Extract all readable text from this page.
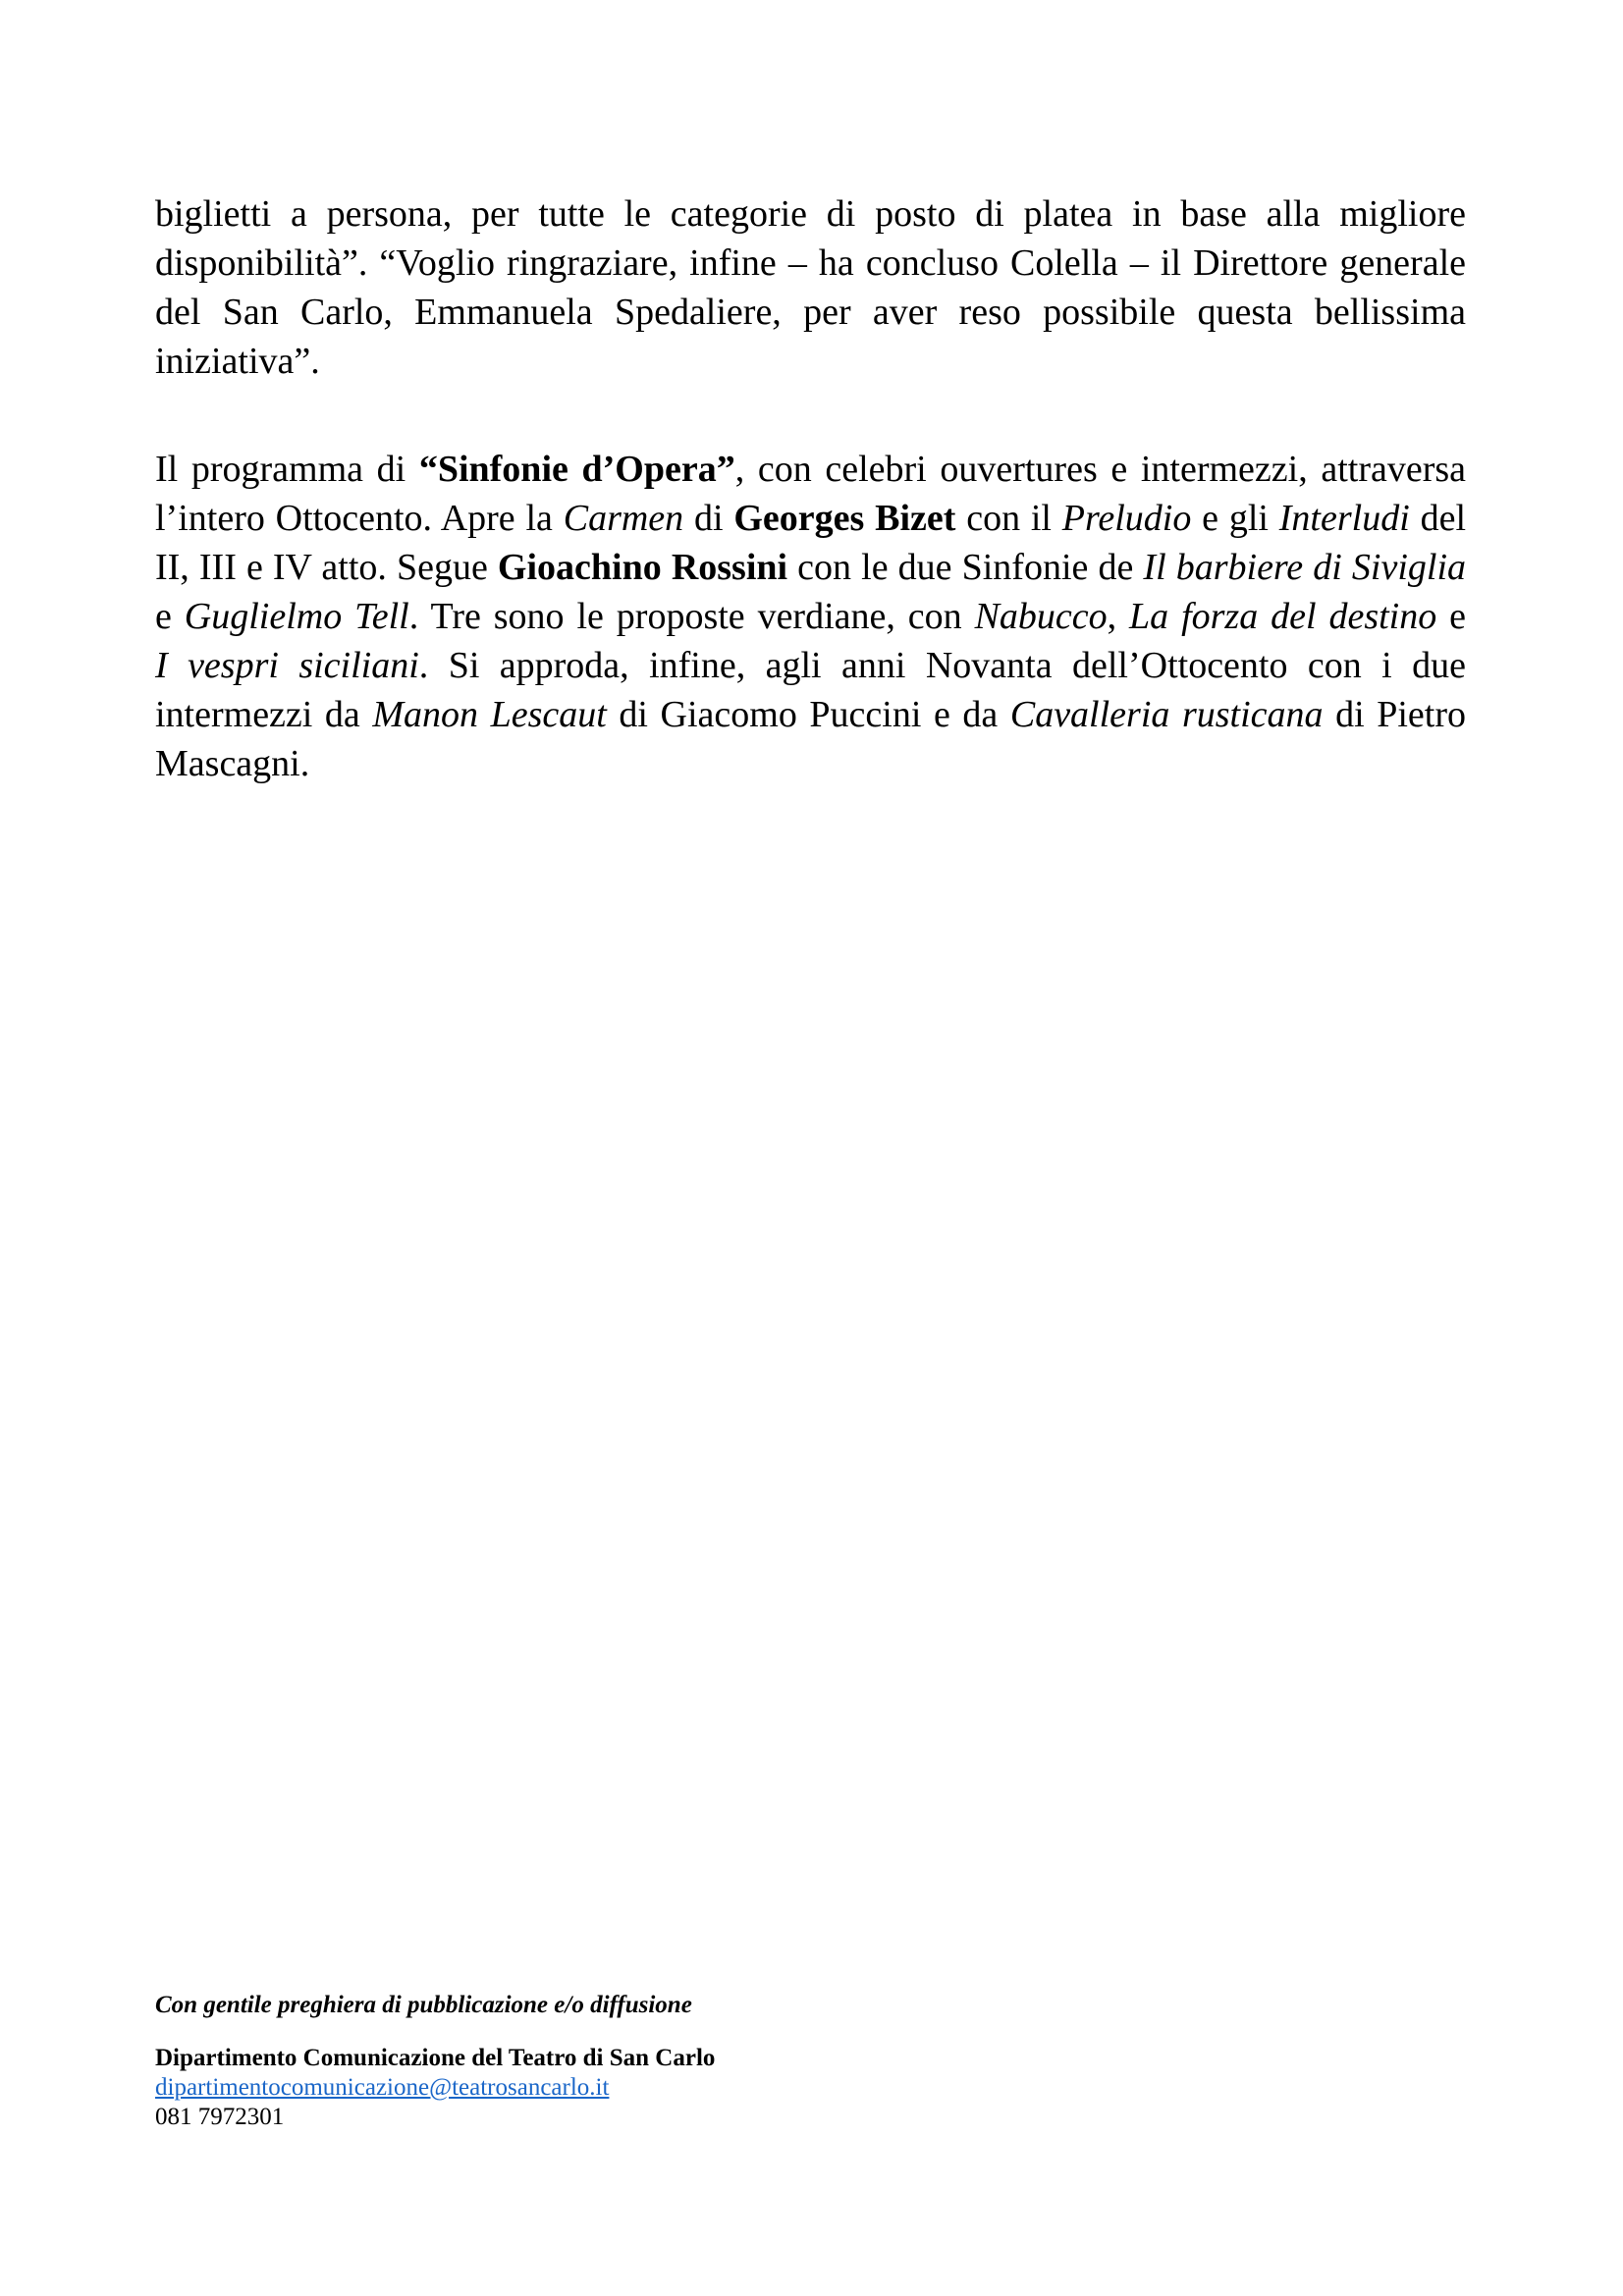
biglietti a persona, per tutte le categorie di posto di platea in base alla migliore
disponibilità”. “Voglio ringraziare, infine – ha concluso Colella – il Direttore generale
del San Carlo, Emmanuela Spedaliere, per aver reso possibile questa bellissima
iniziativa”.
Il programma di “Sinfonie d’Opera”, con celebri ouvertures e intermezzi, attraversa
l’intero Ottocento. Apre la Carmen di Georges Bizet con il Preludio e gli Interludi del
II, III e IV atto. Segue Gioachino Rossini con le due Sinfonie de Il barbiere di Siviglia
e Guglielmo Tell. Tre sono le proposte verdiane, con Nabucco, La forza del destino e
I vespri siciliani. Si approda, infine, agli anni Novanta dell’Ottocento con i due
intermezzi da Manon Lescaut di Giacomo Puccini e da Cavalleria rusticana di Pietro
Mascagni.
Con gentile preghiera di pubblicazione e/o diffusione
Dipartimento Comunicazione del Teatro di San Carlo
dipartimentocomunicazione@teatrosancarlo.it
081 7972301
